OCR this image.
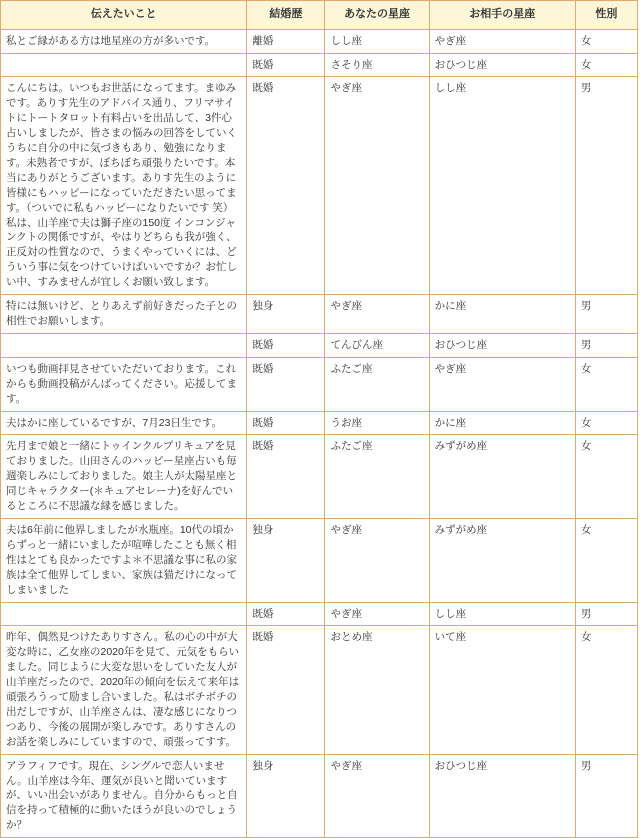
伝えたいこと	結婚歴	あなたの星座	お相手の星座	性別
私とご縁がある方は地星座の方が多いです。	離婚	しし座	やぎ座	女
	既婚	さそり座	おひつじ座	女
こんにちは。いつもお世話になってます。まゆみです。ありす先生のアドバイス通り、フリマサイトにトートタロット有料占いを出品して、3件心占いしましたが、皆さまの悩みの回答をしていくうちに自分の中に気づきもあり、勉強になります。未熟者ですが、ぼちぼち頑張りたいです。本当にありがとうございます。ありす先生のように皆様にもハッピーになっていただきたい思ってます。（ついでに私もハッピーになりたいです 笑）私は、山羊座で夫は獅子座の150度 インコンジャンクトの関係ですが、やはりどちらも我が強く、正反対の性質なので、うまくやっていくには、どういう事に気をつけていけばいいですか？お忙しい中、すみませんが宜しくお願い致します。	既婚	やぎ座	しし座	男
特には無いけど、とりあえず前好きだった子との相性でお願いします。	独身	やぎ座	かに座	男
	既婚	てんびん座	おひつじ座	男
いつも動画拝見させていただいております。これからも動画投稿がんばってください。応援してます。	既婚	ふたご座	やぎ座	女
夫はかに座しているですが、7月23日生です。	既婚	うお座	かに座	女
先月まで娘と一緒にトゥインクルプリキュアを見ておりました。山田さんのハッピー星座占いも毎週楽しみにしておりました。娘主人が太陽星座と同じキャラクター(＊キュアセレーナ)を好んでいるところに不思議な縁を感じました。	既婚	ふたご座	みずがめ座	女
夫は6年前に他界しましたが水瓶座。10代の頃からずっと一緒にいましたが喧嘩したことも無く相性はとても良かったですよ＊不思議な事に私の家族は全て他界してしまい、家族は猫だけになってしまいました	独身	やぎ座	みずがめ座	女
	既婚	やぎ座	しし座	男
昨年、偶然見つけたありすさん。私の心の中が大変な時に、乙女座の2020年を見て、元気をもらいました。同じように大変な思いをしていた友人が山羊座だったので、2020年の傾向を伝えて来年は頑張ろうって励まし合いました。私はボチボチの出だしですが、山羊座さんは、凄な感じになりつつあり、今後の展開が楽しみです。ありすさんのお話を楽しみにしていますので、頑張ってすす。	既婚	おとめ座	いて座	女
アラフィフです。現在、シングルで恋人いません。山羊座は今年、運気が良いと聞いていますが、いい出会いがありません。自分からもっと自信を持って積極的に動いたほうが良いのでしょうか？	独身	やぎ座	おひつじ座	男
